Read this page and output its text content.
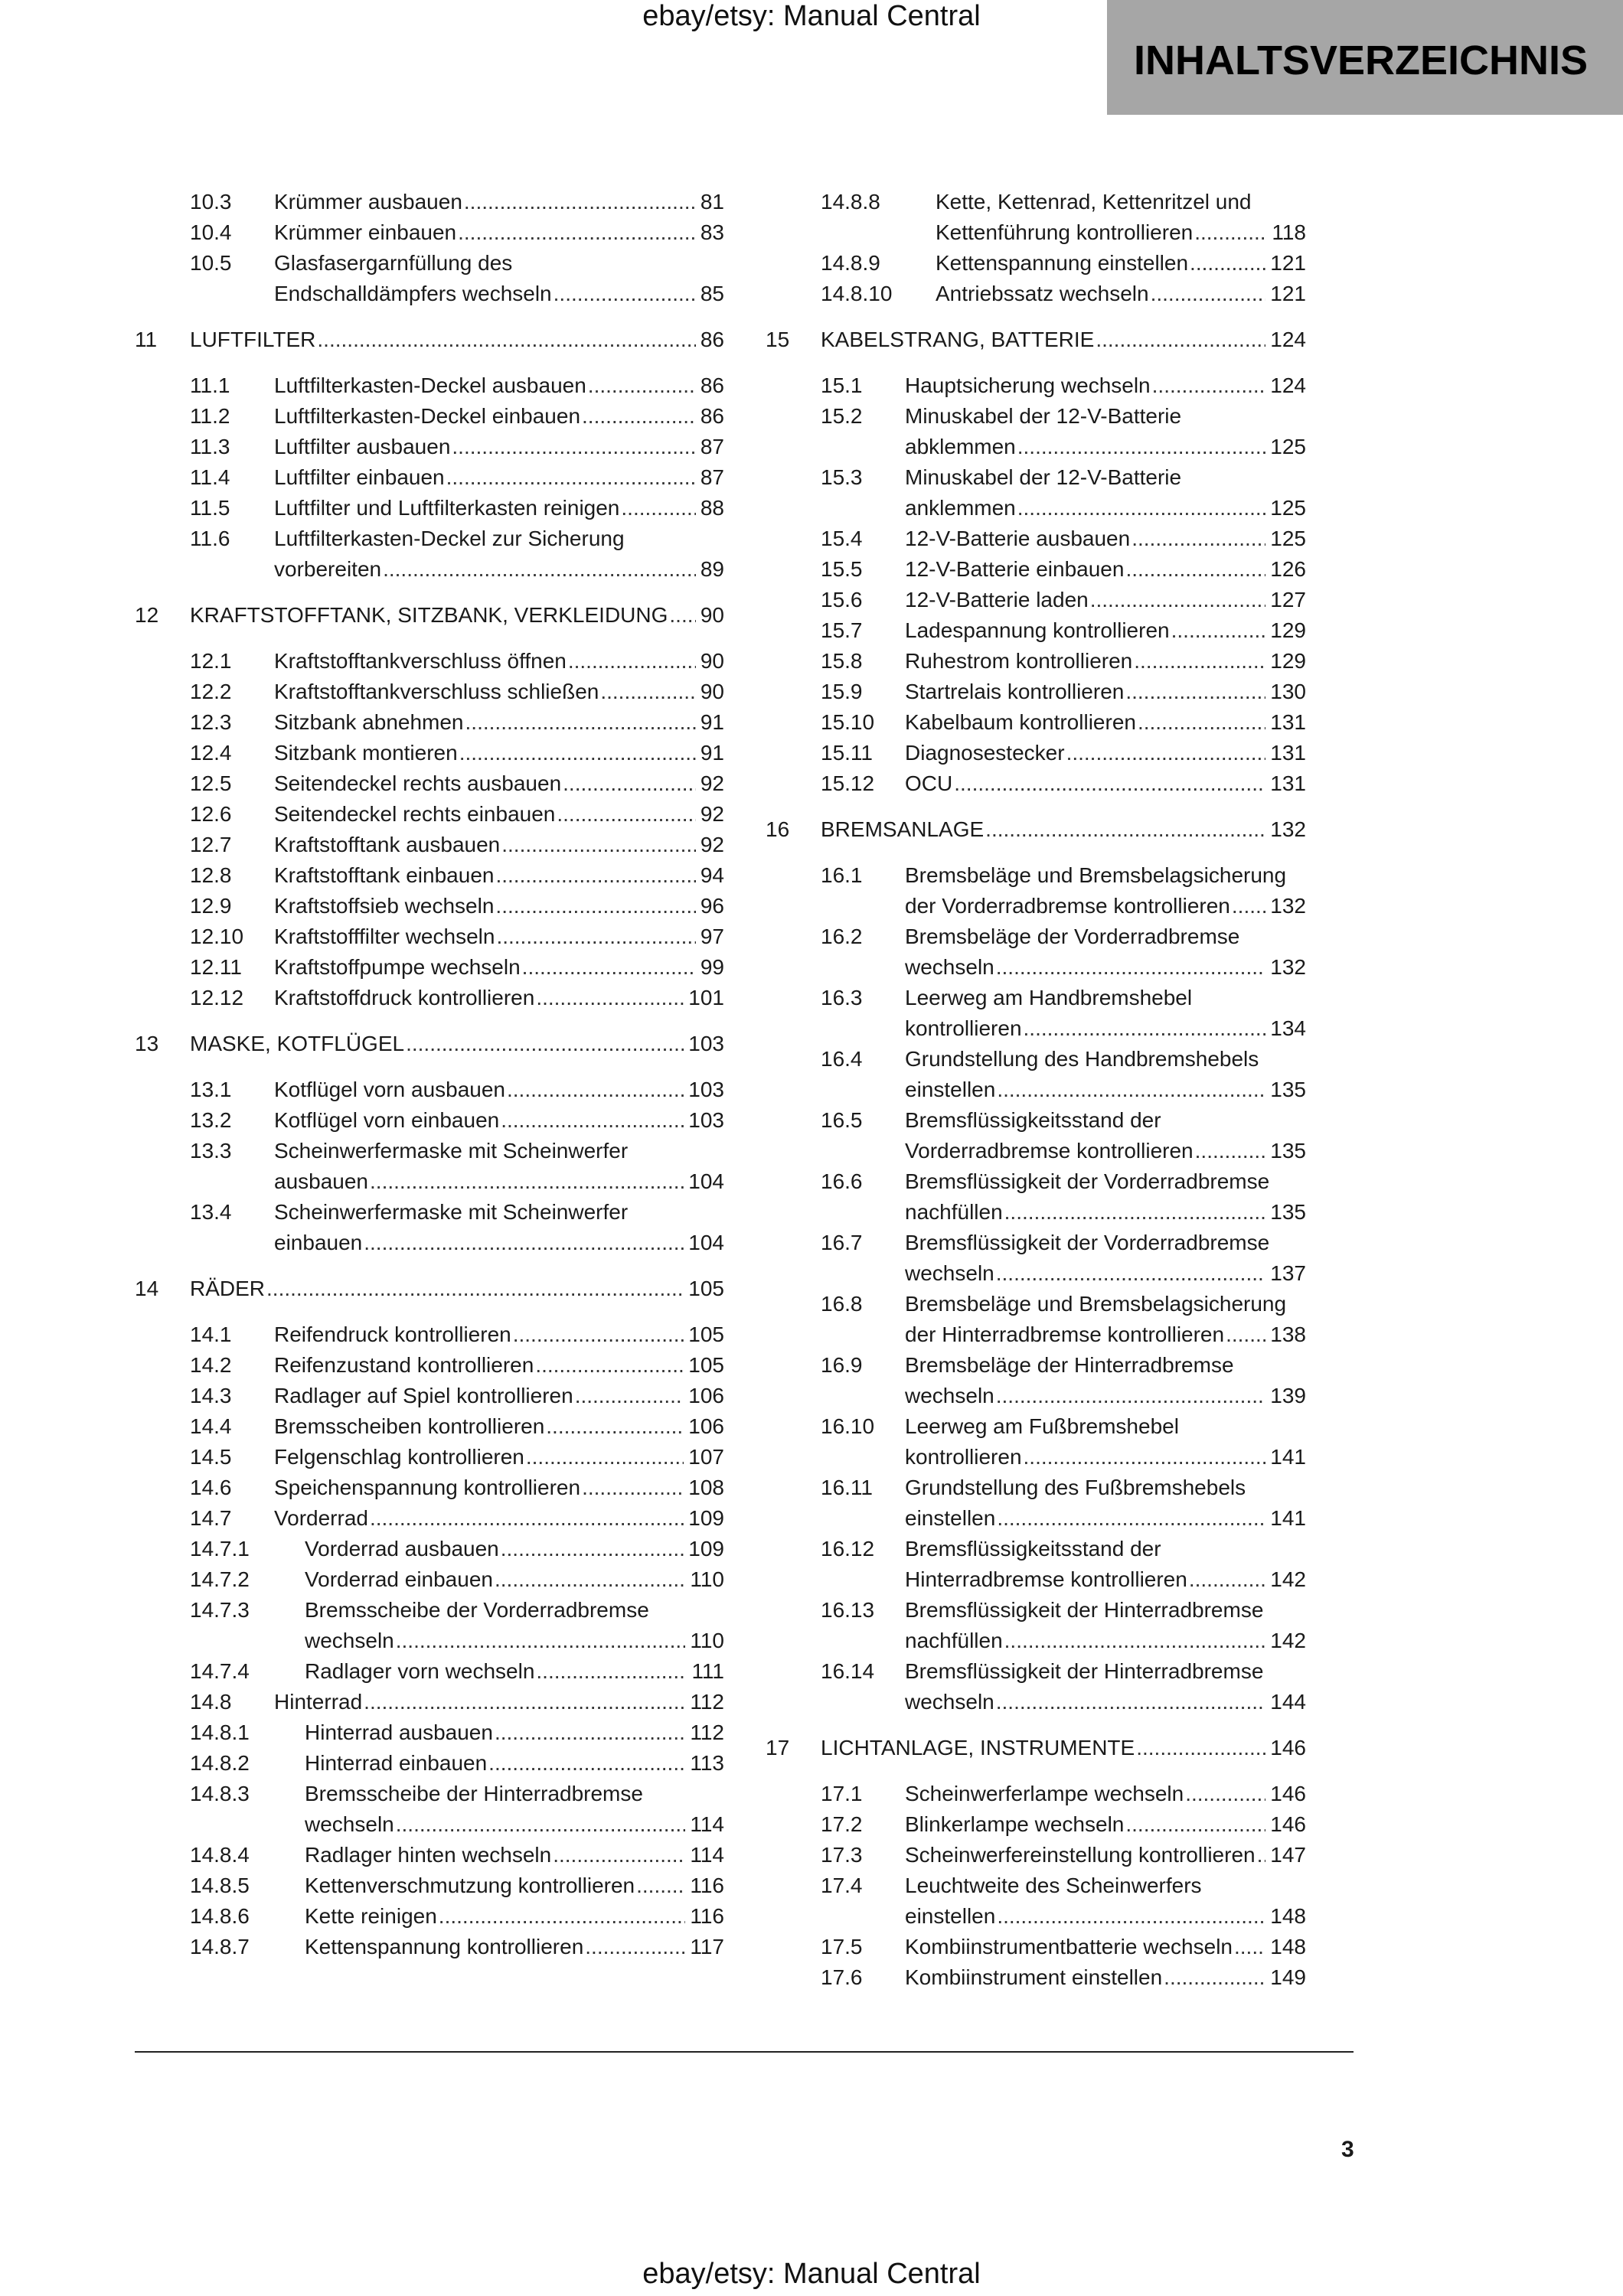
ebay/etsy: Manual Central
INHALTSVERZEICHNIS
10.3 Krümmer ausbauen .....	81
10.4 Krümmer einbauen .....	83
10.5 Glasfasergarnfüllung des
Endschalldämpfers wechseln .....	85
11 LUFTFILTER .....	86
11.1 Luftfilterkasten-Deckel ausbauen .....	86
11.2 Luftfilterkasten-Deckel einbauen .....	86
11.3 Luftfilter ausbauen .....	87
11.4 Luftfilter einbauen .....	87
11.5 Luftfilter und Luftfilterkasten reinigen .....	88
11.6 Luftfilterkasten-Deckel zur Sicherung
vorbereiten .....	89
12 KRAFTSTOFFTANK, SITZBANK, VERKLEIDUNG ..... 90
12.1 Kraftstofftankverschluss öffnen .....	90
12.2 Kraftstofftankverschluss schließen .....	90
12.3 Sitzbank abnehmen .....	91
12.4 Sitzbank montieren .....	91
12.5 Seitendeckel rechts ausbauen .....	92
12.6 Seitendeckel rechts einbauen .....	92
12.7 Kraftstofftank ausbauen .....	92
12.8 Kraftstofftank einbauen .....	94
12.9 Kraftstoffsieb wechseln .....	96
12.10 Kraftstofffilter wechseln .....	97
12.11 Kraftstoffpumpe wechseln .....	99
12.12 Kraftstoffdruck kontrollieren .....	101
13 MASKE, KOTFLÜGEL .....	103
13.1 Kotflügel vorn ausbauen .....	103
13.2 Kotflügel vorn einbauen .....	103
13.3 Scheinwerfermaske mit Scheinwerfer
ausbauen .....	104
13.4 Scheinwerfermaske mit Scheinwerfer
einbauen .....	104
14 RÄDER .....	105
14.1 Reifendruck kontrollieren .....	105
14.2 Reifenzustand kontrollieren .....	105
14.3 Radlager auf Spiel kontrollieren .....	106
14.4 Bremsscheiben kontrollieren .....	106
14.5 Felgenschlag kontrollieren .....	107
14.6 Speichenspannung kontrollieren .....	108
14.7 Vorderrad .....	109
14.7.1	Vorderrad ausbauen .....	109
14.7.2	Vorderrad einbauen .....	110
14.7.3	Bremsscheibe der Vorderradbremse
wechseln .....	110
14.7.4	Radlager vorn wechseln .....	111
14.8 Hinterrad .....	112
14.8.1	Hinterrad ausbauen .....	112
14.8.2	Hinterrad einbauen .....	113
14.8.3	Bremsscheibe der Hinterradbremse
wechseln .....	114
14.8.4	Radlager hinten wechseln .....	114
14.8.5	Kettenverschmutzung kontrollieren .....	116
14.8.6	Kette reinigen .....	116
14.8.7	Kettenspannung kontrollieren .....	117
14.8.8	Kette, Kettenrad, Kettenritzel und
Kettenführung kontrollieren .....	118
14.8.9	Kettenspannung einstellen .....	121
14.8.10 Antriebssatz wechseln .....	121
15 KABELSTRANG, BATTERIE .....	124
15.1 Hauptsicherung wechseln .....	124
15.2 Minuskabel der 12-V-Batterie
abklemmen .....	125
15.3 Minuskabel der 12-V-Batterie
anklemmen .....	125
15.4 12-V-Batterie ausbauen .....	125
15.5 12-V-Batterie einbauen .....	126
15.6 12-V-Batterie laden .....	127
15.7 Ladespannung kontrollieren .....	129
15.8 Ruhestrom kontrollieren .....	129
15.9 Startrelais kontrollieren .....	130
15.10 Kabelbaum kontrollieren .....	131
15.11 Diagnosestecker .....	131
15.12 OCU .....	131
16 BREMSANLAGE .....	132
16.1 Bremsbeläge und Bremsbelagsicherung
der Vorderradbremse kontrollieren ..... 132
16.2 Bremsbeläge der Vorderradbremse
wechseln .....	132
16.3 Leerweg am Handbremshebel
kontrollieren .....	134
16.4 Grundstellung des Handbremshebels
einstellen .....	135
16.5 Bremsflüssigkeitsstand der
Vorderradbremse kontrollieren .....	135
16.6 Bremsflüssigkeit der Vorderradbremse
nachfüllen .....	135
16.7 Bremsflüssigkeit der Vorderradbremse
wechseln .....	137
16.8 Bremsbeläge und Bremsbelagsicherung
der Hinterradbremse kontrollieren ..... 138
16.9 Bremsbeläge der Hinterradbremse
wechseln .....	139
16.10 Leerweg am Fußbremshebel
kontrollieren .....	141
16.11 Grundstellung des Fußbremshebels
einstellen .....	141
16.12 Bremsflüssigkeitsstand der
Hinterradbremse kontrollieren .....	142
16.13 Bremsflüssigkeit der Hinterradbremse
nachfüllen .....	142
16.14 Bremsflüssigkeit der Hinterradbremse
wechseln .....	144
17 LICHTANLAGE, INSTRUMENTE .....	146
17.1 Scheinwerferlampe wechseln .....	146
17.2 Blinkerlampe wechseln .....	146
17.3 Scheinwerfereinstellung kontrollieren ..... 147
17.4 Leuchtweite des Scheinwerfers
einstellen .....	148
17.5 Kombiinstrumentbatterie wechseln ..... 148
17.6 Kombiinstrument einstellen .....	149
3
ebay/etsy: Manual Central
